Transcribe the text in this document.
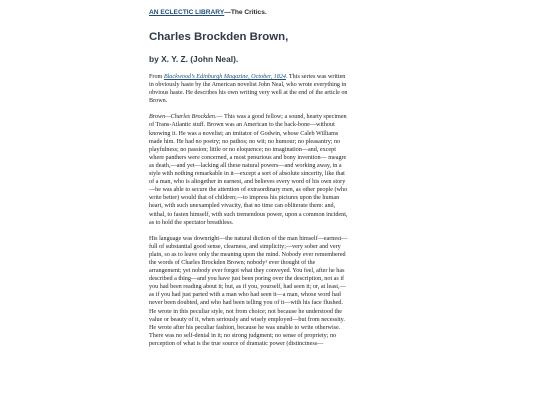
AN ECLECTIC LIBRARY—The Critics.
Charles Brockden Brown,
by X. Y. Z. (John Neal).

From Blackwood’s Edinburgh Magazine, October, 1824. This series was written
in obviously haste by the American novelist John Neal, who wrote everything in
obvious haste. He describes his own writing very well at the end of the article on
Brown.

Brown—Charles Brockden.— This was a good fellow; a sound, hearty specimen
of Trans-Atlantic stuff. Brown was an American to the back-bone—without
knowing it. He was a novelist; an imitator of Godwin, whose Caleb Williams
made him. He had no poetry; no pathos; no wit; no humour; no pleasantry; no
playfulness; no passion; little or no eloquence; no imagination—and, except
where panthers were concerned, a most penurious and bony invention— meagre
as death,—and yet—lacking all these natural powers—and working away, in a
style with nothing remarkable in it—except a sort of absolute sincerity, like that
of a man, who is altogether in earnest, and believes every word of his own story
—he was able to secure the attention of extraordinary men, as other people (who
write better) would that of children;—to impress his pictures upon the human
heart, with such unexampled vivacity, that no time can obliterate them: and,
withal, to fasten himself, with such tremendous power, upon a common incident,
as to hold the spectator breathless.

His language was downright—the natural diction of the man himself—earnest—
full of substantial good sense, clearness, and simplicity;—very sober and very
plain, so as to leave only the meaning upon the mind. Nobody ever remembered
the words of Charles Brockden Brown; nobody¹ ever thought of the
arrangement; yet nobody ever forgot what they conveyed. You feel, after he has
described a thing—and you have just been poring over the description, not as if
you had been reading about it; but, as if you, yourself, had seen it; or, at least,—
as if you had just parted with a man who had seen it—a man, whose word had
never been doubted, and who had been telling you of it—with his face flushed.
He wrote in this peculiar style, not from choice; not because he understood the
value or beauty of it, when seriously and wisely employed—but from necessity.
He wrote after his peculiar fashion, because he was unable to write otherwise.
There was no self-denial in it; no strong judgment; no sense of propriety; no
perception of what is the true source of dramatic power (distinctness—
